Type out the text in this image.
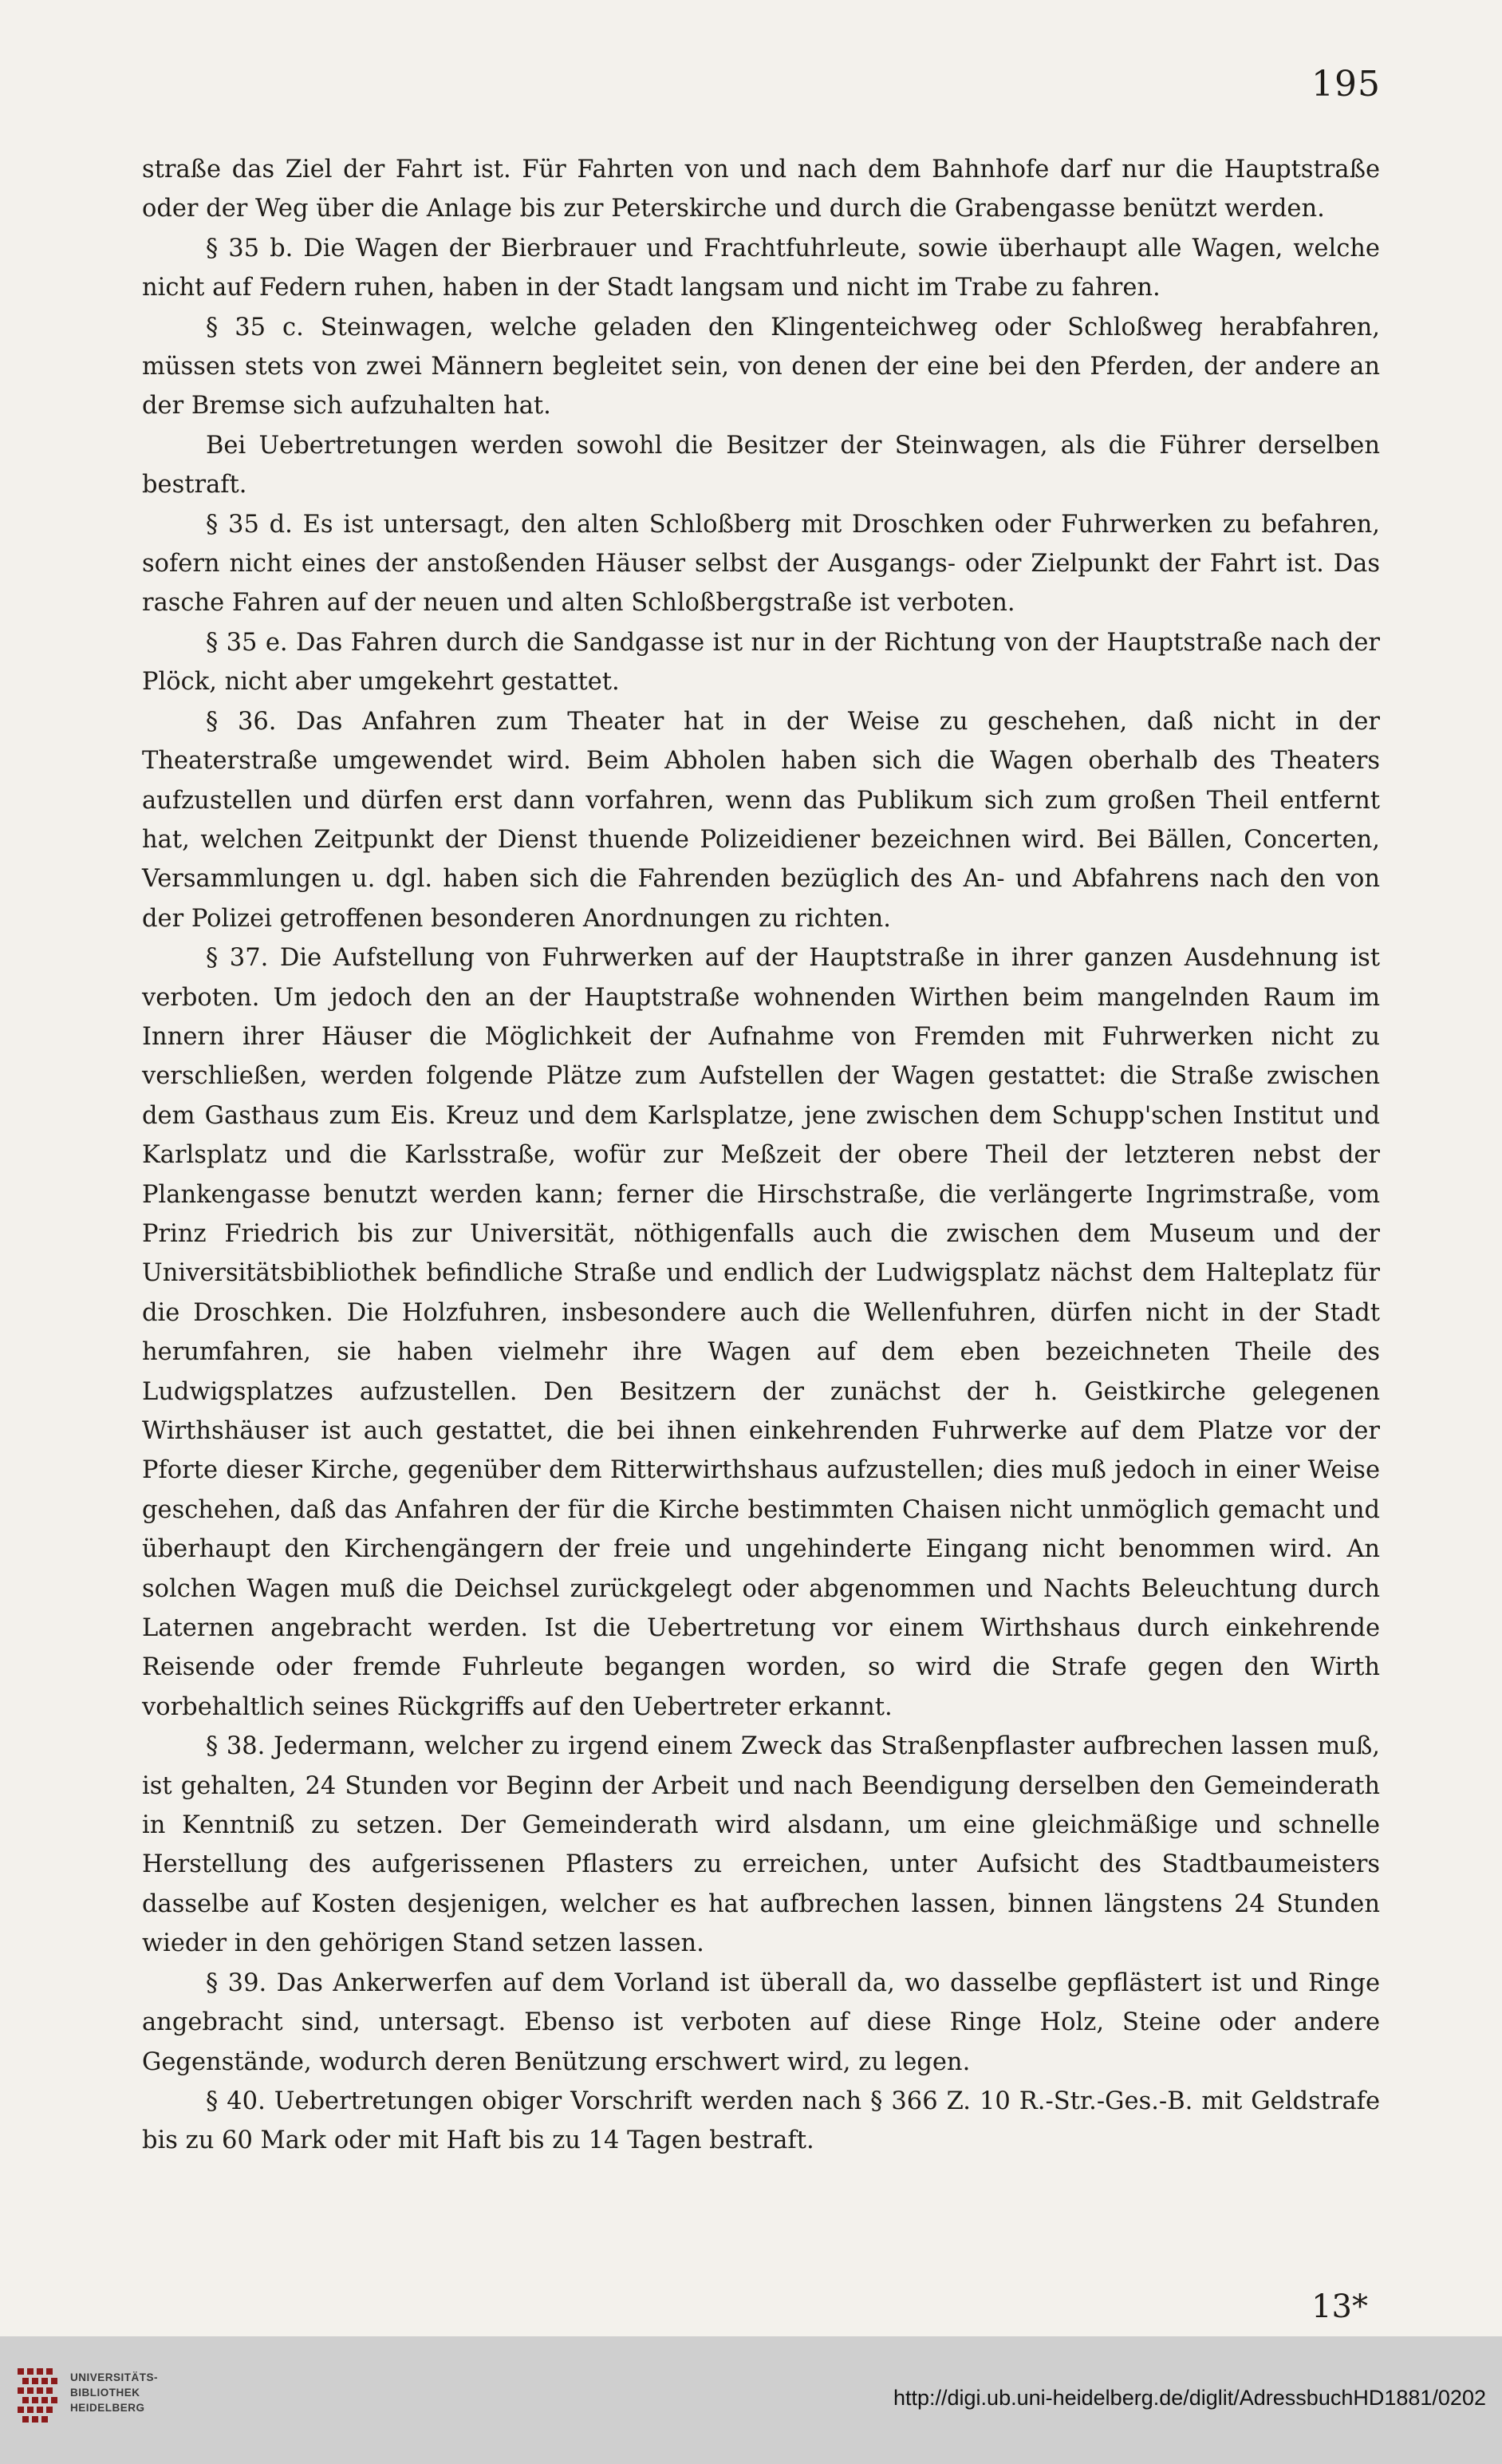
195

straße das Ziel der Fahrt ist. Für Fahrten von und nach dem Bahnhofe darf nur die Hauptstraße oder der Weg über die Anlage bis zur Peterskirche und durch die Grabengasse benützt werden.

§ 35 b. Die Wagen der Bierbrauer und Frachtfuhrleute, sowie überhaupt alle Wagen, welche nicht auf Federn ruhen, haben in der Stadt langsam und nicht im Trabe zu fahren.

§ 35 c. Steinwagen, welche geladen den Klingenteichweg oder Schloßweg herabfahren, müssen stets von zwei Männern begleitet sein, von denen der eine bei den Pferden, der andere an der Bremse sich aufzuhalten hat.

Bei Uebertretungen werden sowohl die Besitzer der Steinwagen, als die Führer derselben bestraft.

§ 35 d. Es ist untersagt, den alten Schloßberg mit Droschken oder Fuhrwerken zu befahren, sofern nicht eines der anstoßenden Häuser selbst der Ausgangs- oder Zielpunkt der Fahrt ist. Das rasche Fahren auf der neuen und alten Schloßbergstraße ist verboten.

§ 35 e. Das Fahren durch die Sandgasse ist nur in der Richtung von der Hauptstraße nach der Plöck, nicht aber umgekehrt gestattet.

§ 36. Das Anfahren zum Theater hat in der Weise zu geschehen, daß nicht in der Theaterstraße umgewendet wird. Beim Abholen haben sich die Wagen oberhalb des Theaters aufzustellen und dürfen erst dann vorfahren, wenn das Publikum sich zum großen Theil entfernt hat, welchen Zeitpunkt der Dienst thuende Polizeidiener bezeichnen wird. Bei Bällen, Concerten, Versammlungen u. dgl. haben sich die Fahrenden bezüglich des An- und Abfahrens nach den von der Polizei getroffenen besonderen Anordnungen zu richten.

§ 37. Die Aufstellung von Fuhrwerken auf der Hauptstraße in ihrer ganzen Ausdehnung ist verboten. Um jedoch den an der Hauptstraße wohnenden Wirthen beim mangelnden Raum im Innern ihrer Häuser die Möglichkeit der Aufnahme von Fremden mit Fuhrwerken nicht zu verschließen, werden folgende Plätze zum Aufstellen der Wagen gestattet: die Straße zwischen dem Gasthaus zum Eis. Kreuz und dem Karlsplatze, jene zwischen dem Schupp'schen Institut und Karlsplatz und die Karlsstraße, wofür zur Meßzeit der obere Theil der letzteren nebst der Plankengasse benutzt werden kann; ferner die Hirschstraße, die verlängerte Ingrimstraße, vom Prinz Friedrich bis zur Universität, nöthigenfalls auch die zwischen dem Museum und der Universitätsbibliothek befindliche Straße und endlich der Ludwigsplatz nächst dem Halteplatz für die Droschken. Die Holzfuhren, insbesondere auch die Wellenfuhren, dürfen nicht in der Stadt herumfahren, sie haben vielmehr ihre Wagen auf dem eben bezeichneten Theile des Ludwigsplatzes aufzustellen. Den Besitzern der zunächst der h. Geistkirche gelegenen Wirthshäuser ist auch gestattet, die bei ihnen einkehrenden Fuhrwerke auf dem Platze vor der Pforte dieser Kirche, gegenüber dem Ritterwirthshaus aufzustellen; dies muß jedoch in einer Weise geschehen, daß das Anfahren der für die Kirche bestimmten Chaisen nicht unmöglich gemacht und überhaupt den Kirchengängern der freie und ungehinderte Eingang nicht benommen wird. An solchen Wagen muß die Deichsel zurückgelegt oder abgenommen und Nachts Beleuchtung durch Laternen angebracht werden. Ist die Uebertretung vor einem Wirthshaus durch einkehrende Reisende oder fremde Fuhrleute begangen worden, so wird die Strafe gegen den Wirth vorbehaltlich seines Rückgriffs auf den Uebertreter erkannt.

§ 38. Jedermann, welcher zu irgend einem Zweck das Straßenpflaster aufbrechen lassen muß, ist gehalten, 24 Stunden vor Beginn der Arbeit und nach Beendigung derselben den Gemeinderath in Kenntniß zu setzen. Der Gemeinderath wird alsdann, um eine gleichmäßige und schnelle Herstellung des aufgerissenen Pflasters zu erreichen, unter Aufsicht des Stadtbaumeisters dasselbe auf Kosten desjenigen, welcher es hat aufbrechen lassen, binnen längstens 24 Stunden wieder in den gehörigen Stand setzen lassen.

§ 39. Das Ankerwerfen auf dem Vorland ist überall da, wo dasselbe gepflästert ist und Ringe angebracht sind, untersagt. Ebenso ist verboten auf diese Ringe Holz, Steine oder andere Gegenstände, wodurch deren Benützung erschwert wird, zu legen.

§ 40. Uebertretungen obiger Vorschrift werden nach § 366 Z. 10 R.-Str.-Ges.-B. mit Geldstrafe bis zu 60 Mark oder mit Haft bis zu 14 Tagen bestraft.

13*
UNIVERSITÄTS-
BIBLIOTHEK
HEIDELBERG	http://digi.ub.uni-heidelberg.de/diglit/AdressbuchHD1881/0202
